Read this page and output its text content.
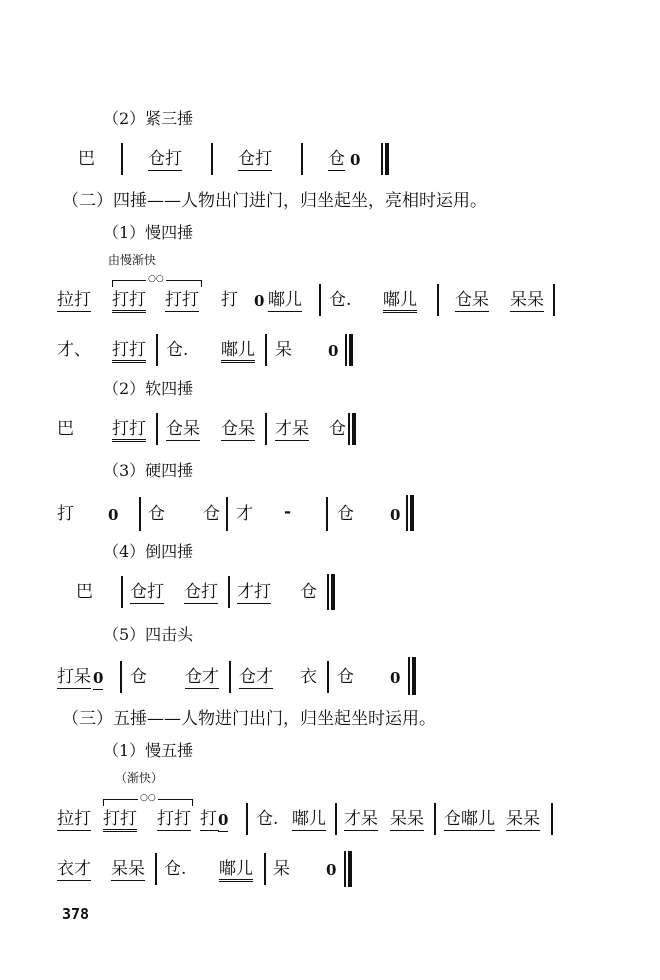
（2）紧三捶
巴	仓打	仓打	仓 0
（二）四捶——人物出门进门，归坐起坐，亮相时运用。
（1）慢四捶
由慢渐快
○○
拉打 打打 打打 打 0 嘟儿 仓. 嘟儿 仓呆 呆呆
才、 打打 仓. 嘟儿 呆 0
（2）软四捶
巴 打打 仓呆 仓呆 才呆 仓
（3）硬四捶
打 0 仓 仓 才 -	仓 0
（4）倒四捶
巴 仓打 仓打 才打 仓
（5）四击头
打呆 0 仓 仓才 仓才 衣 仓 0
（三）五捶——人物进门出门，归坐起坐时运用。
（1）慢五捶
（渐快）
○○
拉打 打打 打打 打 0 仓. 嘟儿 才呆 呆呆 仓嘟儿 呆呆
衣才 呆呆 仓. 嘟儿 呆 0
378
